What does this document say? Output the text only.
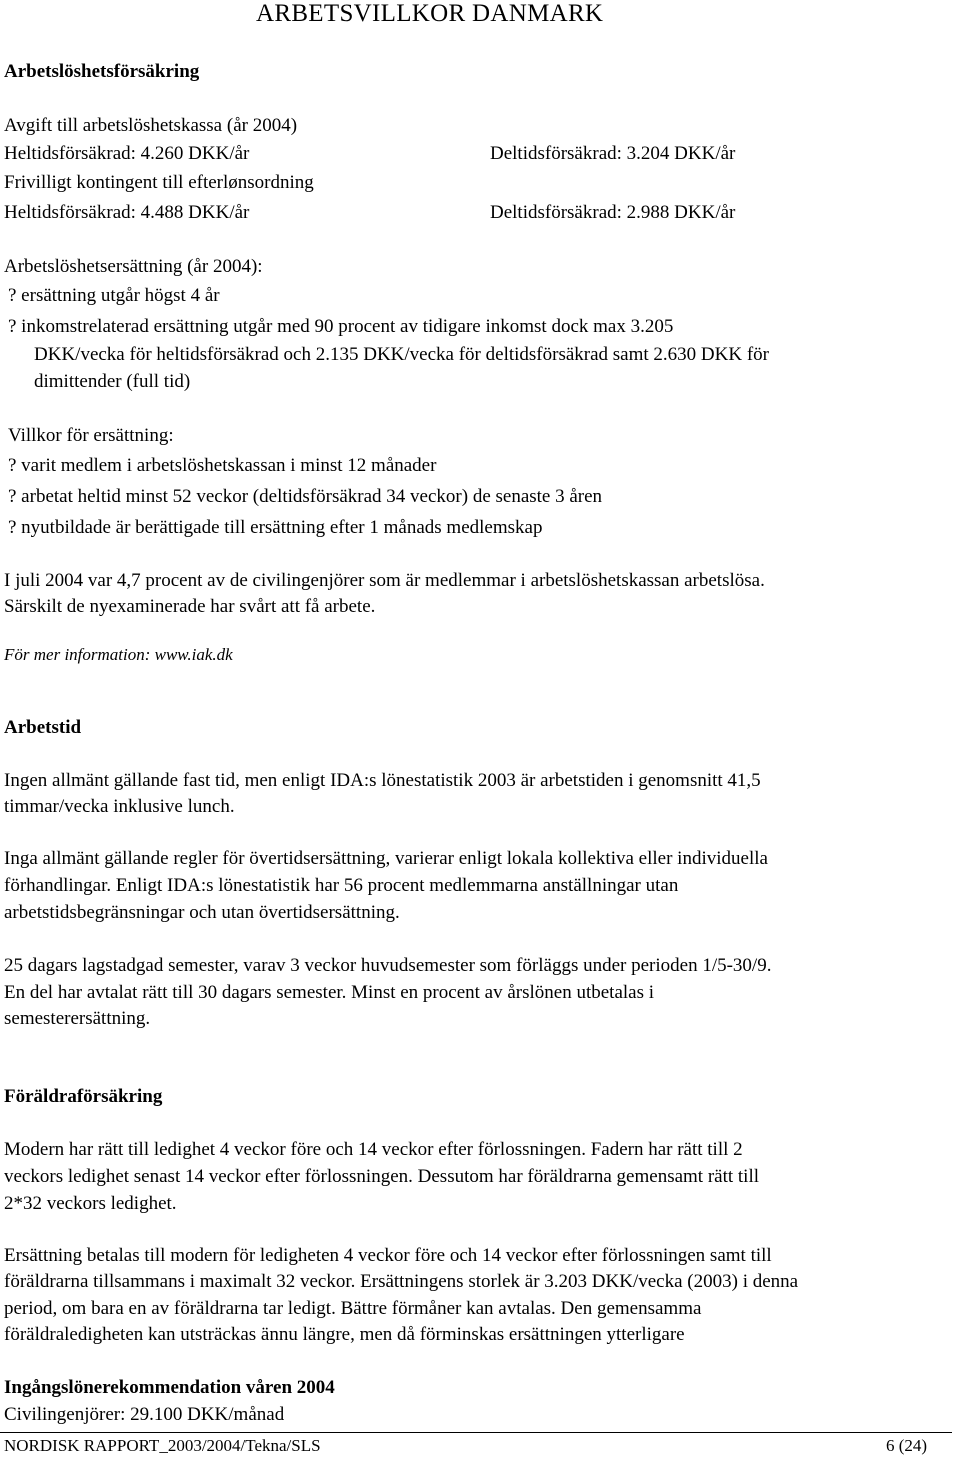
ARBETSVILLKOR DANMARK
Arbetslöshetsförsäkring
Avgift till arbetslöshetskassa (år 2004)
Heltidsförsäkrad: 4.260 DKK/år	Deltidsförsäkrad: 3.204 DKK/år
Frivilligt kontingent till efterlønsordning
Heltidsförsäkrad: 4.488 DKK/år	Deltidsförsäkrad: 2.988 DKK/år
Arbetslöshetsersättning (år 2004):
? ersättning utgår högst 4 år
? inkomstrelaterad ersättning utgår med 90 procent av tidigare inkomst dock max 3.205
DKK/vecka för heltidsförsäkrad och 2.135 DKK/vecka för deltidsförsäkrad samt 2.630 DKK för
dimittender (full tid)
Villkor för ersättning:
? varit medlem i arbetslöshetskassan i minst 12 månader
? arbetat heltid minst 52 veckor (deltidsförsäkrad 34 veckor) de senaste 3 åren
? nyutbildade är berättigade till ersättning efter 1 månads medlemskap
I juli 2004 var 4,7 procent av de civilingenjörer som är medlemmar i arbetslöshetskassan arbetslösa.
Särskilt de nyexaminerade har svårt att få arbete.
För mer information: www.iak.dk
Arbetstid
Ingen allmänt gällande fast tid, men enligt IDA:s lönestatistik 2003 är arbetstiden i genomsnitt 41,5
timmar/vecka inklusive lunch.
Inga allmänt gällande regler för övertidsersättning, varierar enligt lokala kollektiva eller individuella
förhandlingar. Enligt IDA:s lönestatistik har 56 procent medlemmarna anställningar utan
arbetstidsbegränsningar och utan övertidsersättning.
25 dagars lagstadgad semester, varav 3 veckor huvudsemester som förläggs under perioden 1/5-30/9.
En del har avtalat rätt till 30 dagars semester. Minst en procent av årslönen utbetalas i
semesterersättning.
Föräldraförsäkring
Modern har rätt till ledighet 4 veckor före och 14 veckor efter förlossningen. Fadern har rätt till 2
veckors ledighet senast 14 veckor efter förlossningen. Dessutom har föräldrarna gemensamt rätt till
2*32 veckors ledighet.
Ersättning betalas till modern för ledigheten 4 veckor före och 14 veckor efter förlossningen samt till
föräldrarna tillsammans i maximalt 32 veckor. Ersättningens storlek är 3.203 DKK/vecka (2003) i denna
period, om bara en av föräldrarna tar ledigt. Bättre förmåner kan avtalas. Den gemensamma
föräldraledigheten kan utsträckas ännu längre, men då förminskas ersättningen ytterligare
Ingångslönerekommendation våren 2004
Civilingenjörer: 29.100 DKK/månad
NORDISK RAPPORT_2003/2004/Tekna/SLS	6 (24)
